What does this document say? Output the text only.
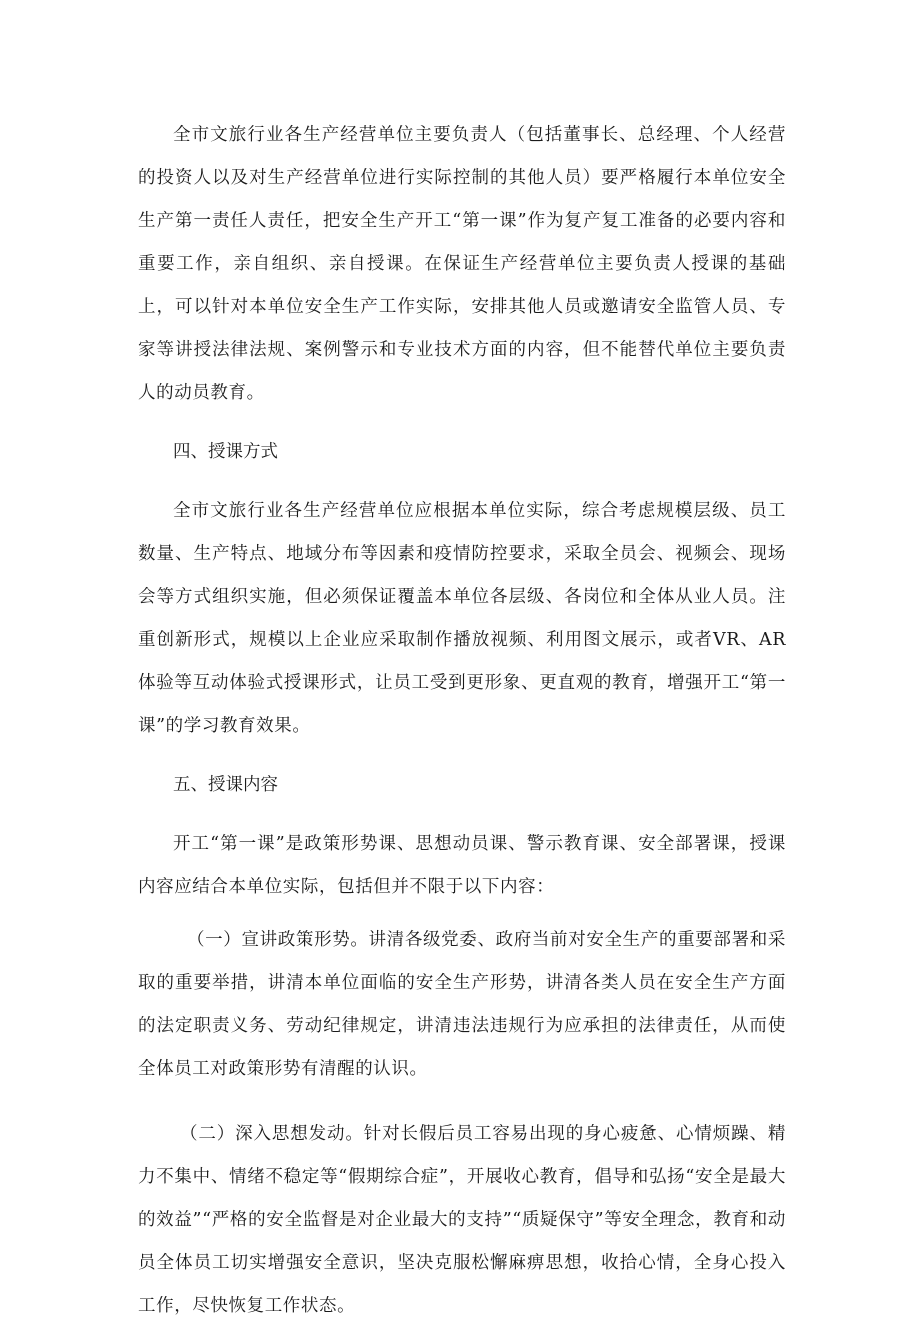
全市文旅行业各生产经营单位主要负责人（包括董事长、总经理、个人经营的投资人以及对生产经营单位进行实际控制的其他人员）要严格履行本单位安全生产第一责任人责任，把安全生产开工“第一课”作为复产复工准备的必要内容和重要工作，亲自组织、亲自授课。在保证生产经营单位主要负责人授课的基础上，可以针对本单位安全生产工作实际，安排其他人员或邀请安全监管人员、专家等讲授法律法规、案例警示和专业技术方面的内容，但不能替代单位主要负责人的动员教育。

四、授课方式

全市文旅行业各生产经营单位应根据本单位实际，综合考虑规模层级、员工数量、生产特点、地域分布等因素和疫情防控要求，采取全员会、视频会、现场会等方式组织实施，但必须保证覆盖本单位各层级、各岗位和全体从业人员。注重创新形式，规模以上企业应采取制作播放视频、利用图文展示，或者VR、AR体验等互动体验式授课形式，让员工受到更形象、更直观的教育，增强开工“第一课”的学习教育效果。

五、授课内容

开工“第一课”是政策形势课、思想动员课、警示教育课、安全部署课，授课内容应结合本单位实际，包括但并不限于以下内容：

（一）宣讲政策形势。讲清各级党委、政府当前对安全生产的重要部署和采取的重要举措，讲清本单位面临的安全生产形势，讲清各类人员在安全生产方面的法定职责义务、劳动纪律规定，讲清违法违规行为应承担的法律责任，从而使全体员工对政策形势有清醒的认识。

（二）深入思想发动。针对长假后员工容易出现的身心疲惫、心情烦躁、精力不集中、情绪不稳定等“假期综合症”，开展收心教育，倡导和弘扬“安全是最大的效益”“严格的安全监督是对企业最大的支持”“质疑保守”等安全理念，教育和动员全体员工切实增强安全意识，坚决克服松懈麻痹思想，收拾心情，全身心投入工作，尽快恢复工作状态。
